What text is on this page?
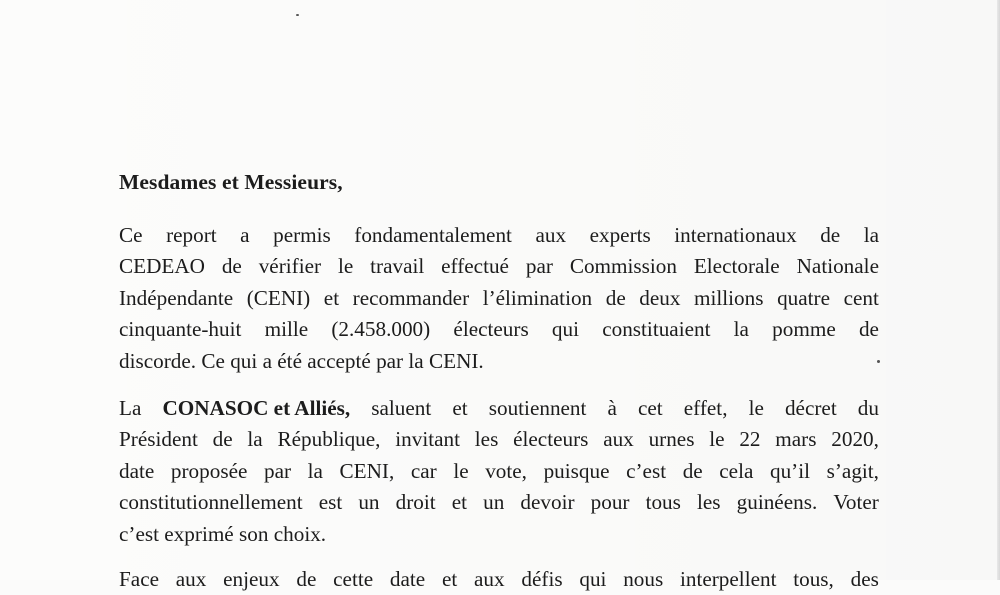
Mesdames et Messieurs,
Ce report a permis fondamentalement aux experts internationaux de la
CEDEAO de vérifier le travail effectué par Commission Electorale Nationale
Indépendante (CENI) et recommander l’élimination de deux millions quatre cent
cinquante-huit mille (2.458.000) électeurs qui constituaient la pomme de
discorde. Ce qui a été accepté par la CENI.
La CONASOC et Alliés, saluent et soutiennent à cet effet, le décret du
Président de la République, invitant les électeurs aux urnes le 22 mars 2020,
date proposée par la CENI, car le vote, puisque c’est de cela qu’il s’agit,
constitutionnellement est un droit et un devoir pour tous les guinéens. Voter
c’est exprimé son choix.
Face aux enjeux de cette date et aux défis qui nous interpellent tous, des
